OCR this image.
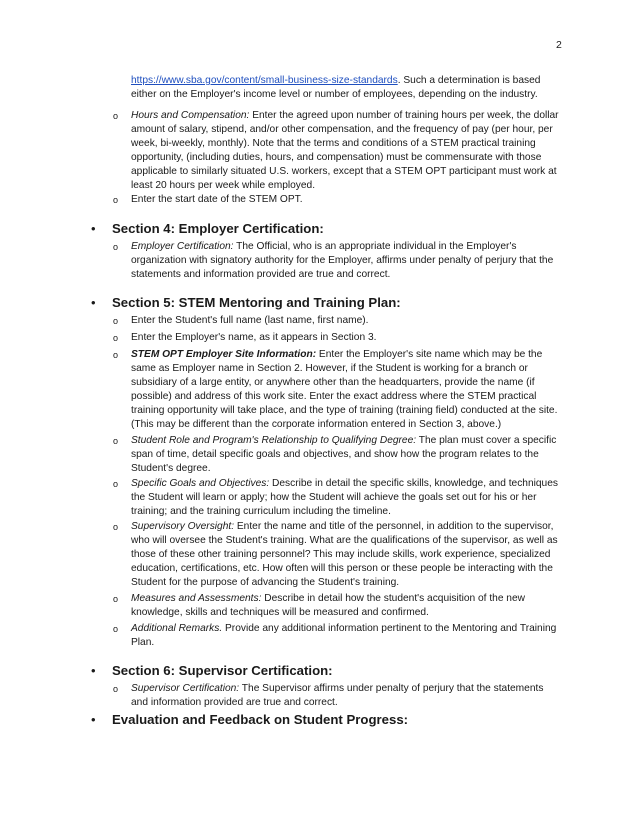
2
https://www.sba.gov/content/small-business-size-standards. Such a determination is based either on the Employer's income level or number of employees, depending on the industry.
o Hours and Compensation: Enter the agreed upon number of training hours per week, the dollar amount of salary, stipend, and/or other compensation, and the frequency of pay (per hour, per week, bi-weekly, monthly). Note that the terms and conditions of a STEM practical training opportunity, (including duties, hours, and compensation) must be commensurate with those applicable to similarly situated U.S. workers, except that a STEM OPT participant must work at least 20 hours per week while employed.
o Enter the start date of the STEM OPT.
• Section 4: Employer Certification:
o Employer Certification: The Official, who is an appropriate individual in the Employer's organization with signatory authority for the Employer, affirms under penalty of perjury that the statements and information provided are true and correct.
• Section 5: STEM Mentoring and Training Plan:
o Enter the Student's full name (last name, first name).
o Enter the Employer's name, as it appears in Section 3.
o STEM OPT Employer Site Information: Enter the Employer's site name which may be the same as Employer name in Section 2. However, if the Student is working for a branch or subsidiary of a large entity, or anywhere other than the headquarters, provide the name (if possible) and address of this work site. Enter the exact address where the STEM practical training opportunity will take place, and the type of training (training field) conducted at the site. (This may be different than the corporate information entered in Section 3, above.)
o Student Role and Program's Relationship to Qualifying Degree: The plan must cover a specific span of time, detail specific goals and objectives, and show how the program relates to the Student's degree.
o Specific Goals and Objectives: Describe in detail the specific skills, knowledge, and techniques the Student will learn or apply; how the Student will achieve the goals set out for his or her training; and the training curriculum including the timeline.
o Supervisory Oversight: Enter the name and title of the personnel, in addition to the supervisor, who will oversee the Student's training. What are the qualifications of the supervisor, as well as those of these other training personnel? This may include skills, work experience, specialized education, certifications, etc. How often will this person or these people be interacting with the Student for the purpose of advancing the Student's training.
o Measures and Assessments: Describe in detail how the student's acquisition of the new knowledge, skills and techniques will be measured and confirmed.
o Additional Remarks. Provide any additional information pertinent to the Mentoring and Training Plan.
• Section 6: Supervisor Certification:
o Supervisor Certification: The Supervisor affirms under penalty of perjury that the statements and information provided are true and correct.
• Evaluation and Feedback on Student Progress:
